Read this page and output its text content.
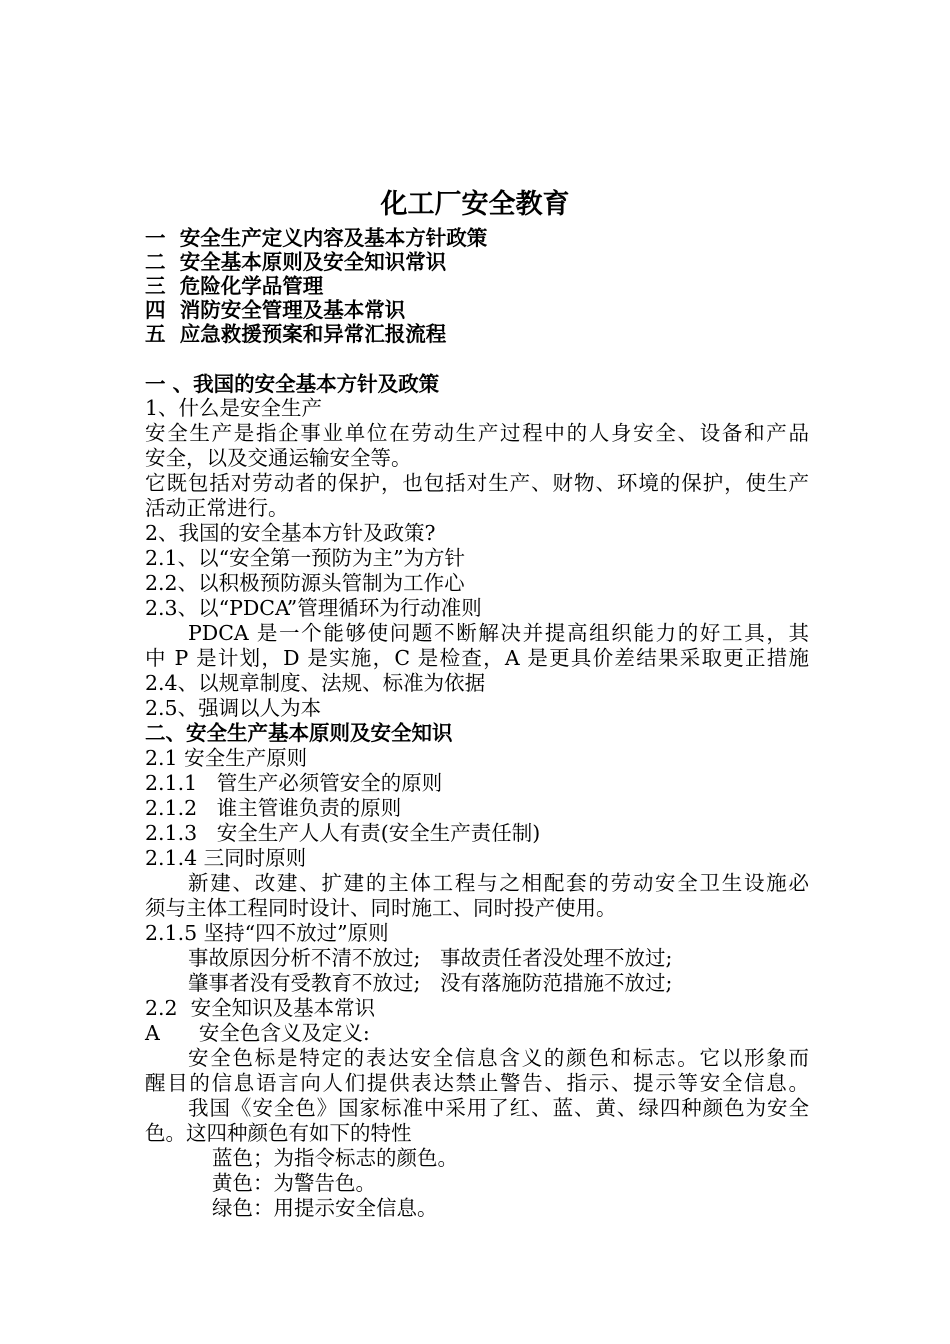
化工厂安全教育
一  安全生产定义内容及基本方针政策
二  安全基本原则及安全知识常识
三  危险化学品管理
四  消防安全管理及基本常识
五  应急救援预案和异常汇报流程
一 、我国的安全基本方针及政策
1、什么是安全生产
安全生产是指企事业单位在劳动生产过程中的人身安全、设备和产品
安全，以及交通运输安全等。
它既包括对劳动者的保护，也包括对生产、财物、环境的保护，使生产
活动正常进行。
2、我国的安全基本方针及政策?
2.1、以“安全第一预防为主”为方针
2.2、以积极预防源头管制为工作心
2.3、以“PDCA”管理循环为行动准则
PDCA 是一个能够使问题不断解决并提高组织能力的好工具，其
中 P 是计划，D 是实施，C 是检查，A 是更具价差结果采取更正措施
2.4、以规章制度、法规、标准为依据
2.5、强调以人为本
二、安全生产基本原则及安全知识
2.1 安全生产原则
2.1.1   管生产必须管安全的原则
2.1.2   谁主管谁负责的原则
2.1.3   安全生产人人有责(安全生产责任制)
2.1.4 三同时原则
新建、改建、扩建的主体工程与之相配套的劳动安全卫生设施必
须与主体工程同时设计、同时施工、同时投产使用。
2.1.5 坚持“四不放过”原则
事故原因分析不清不放过;   事故责任者没处理不放过;
肇事者没有受教育不放过;   没有落施防范措施不放过;
2.2  安全知识及基本常识
A      安全色含义及定义:
安全色标是特定的表达安全信息含义的颜色和标志。它以形象而
醒目的信息语言向人们提供表达禁止警告、指示、提示等安全信息。
我国《安全色》国家标准中采用了红、蓝、黄、绿四种颜色为安全
色。这四种颜色有如下的特性
蓝色；为指令标志的颜色。
黄色：为警告色。
绿色：用提示安全信息。
